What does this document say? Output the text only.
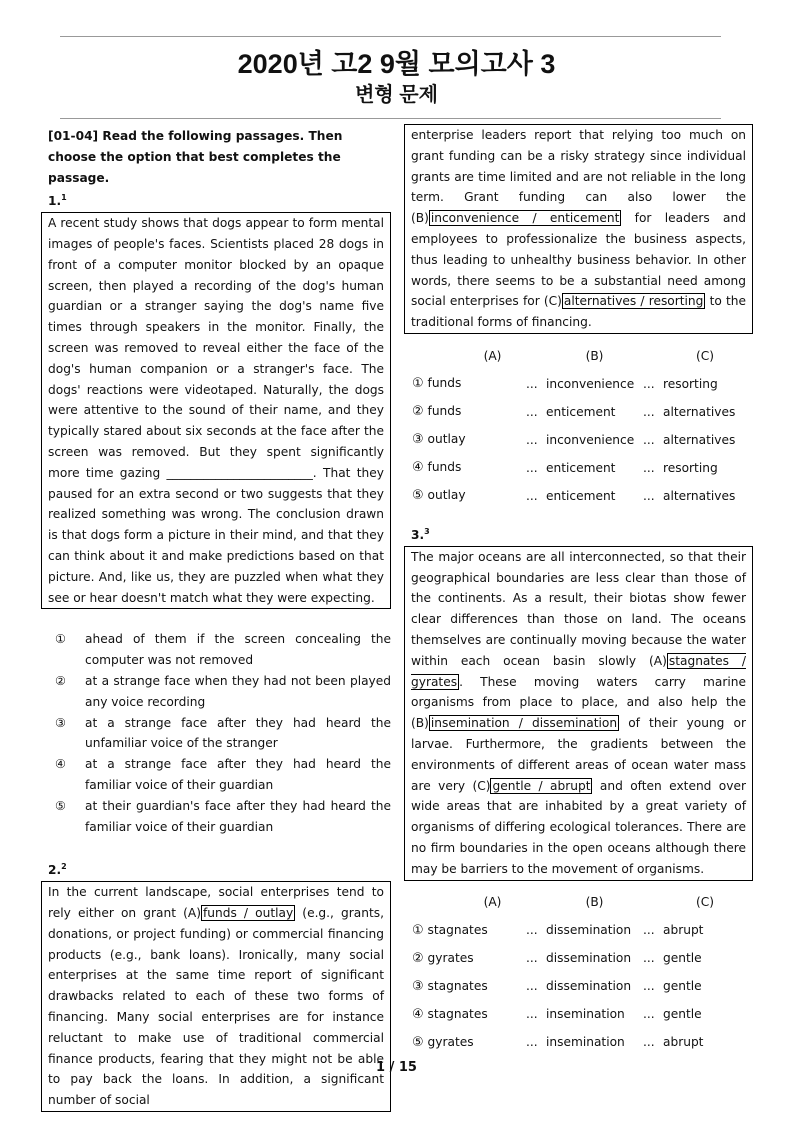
2020년 고2 9월 모의고사 3
변형 문제
[01-04] Read the following passages. Then choose the option that best completes the passage.
1.$^1$
A recent study shows that dogs appear to form mental images of people's faces. Scientists placed 28 dogs in front of a computer monitor blocked by an opaque screen, then played a recording of the dog's human guardian or a stranger saying the dog's name five times through speakers in the monitor. Finally, the screen was removed to reveal either the face of the dog's human companion or a stranger's face. The dogs' reactions were videotaped. Naturally, the dogs were attentive to the sound of their name, and they typically stared about six seconds at the face after the screen was removed. But they spent significantly more time gazing ________________________. That they paused for an extra second or two suggests that they realized something was wrong. The conclusion drawn is that dogs form a picture in their mind, and that they can think about it and make predictions based on that picture. And, like us, they are puzzled when what they see or hear doesn't match what they were expecting.
①	ahead of them if the screen concealing the computer was not removed
②	at a strange face when they had not been played any voice recording
③	at a strange face after they had heard the unfamiliar voice of the stranger
④	at a strange face after they had heard the familiar voice of their guardian
⑤	at their guardian's face after they had heard the familiar voice of their guardian
2.$^2$
In the current landscape, social enterprises tend to rely either on grant (A) funds / outlay (e.g., grants, donations, or project funding) or commercial financing products (e.g., bank loans). Ironically, many social enterprises at the same time report of significant drawbacks related to each of these two forms of financing. Many social enterprises are for instance reluctant to make use of traditional commercial finance products, fearing that they might not be able to pay back the loans. In addition, a significant number of social
enterprise leaders report that relying too much on grant funding can be a risky strategy since individual grants are time limited and are not reliable in the long term. Grant funding can also lower the (B) inconvenience / enticement for leaders and employees to professionalize the business aspects, thus leading to unhealthy business behavior. In other words, there seems to be a substantial need among social enterprises for (C) alternatives / resorting to the traditional forms of financing.
	(A)		(B)		(C)
① funds		...	inconvenience	...	resorting
② funds		...	enticement	...	alternatives
③ outlay		...	inconvenience	...	alternatives
④ funds		...	enticement	...	resorting
⑤ outlay		...	enticement	...	alternatives
3.$^3$
The major oceans are all interconnected, so that their geographical boundaries are less clear than those of the continents. As a result, their biotas show fewer clear differences than those on land. The oceans themselves are continually moving because the water within each ocean basin slowly (A) stagnates / gyrates . These moving waters carry marine organisms from place to place, and also help the (B) insemination / dissemination of their young or larvae. Furthermore, the gradients between the environments of different areas of ocean water mass are very (C) gentle / abrupt and often extend over wide areas that are inhabited by a great variety of organisms of differing ecological tolerances. There are no firm boundaries in the open oceans although there may be barriers to the movement of organisms.
	(A)		(B)		(C)
① stagnates		...	dissemination	...	abrupt
② gyrates		...	dissemination	...	gentle
③ stagnates		...	dissemination	...	gentle
④ stagnates		...	insemination	...	gentle
⑤ gyrates		...	insemination	...	abrupt
1 / 15
